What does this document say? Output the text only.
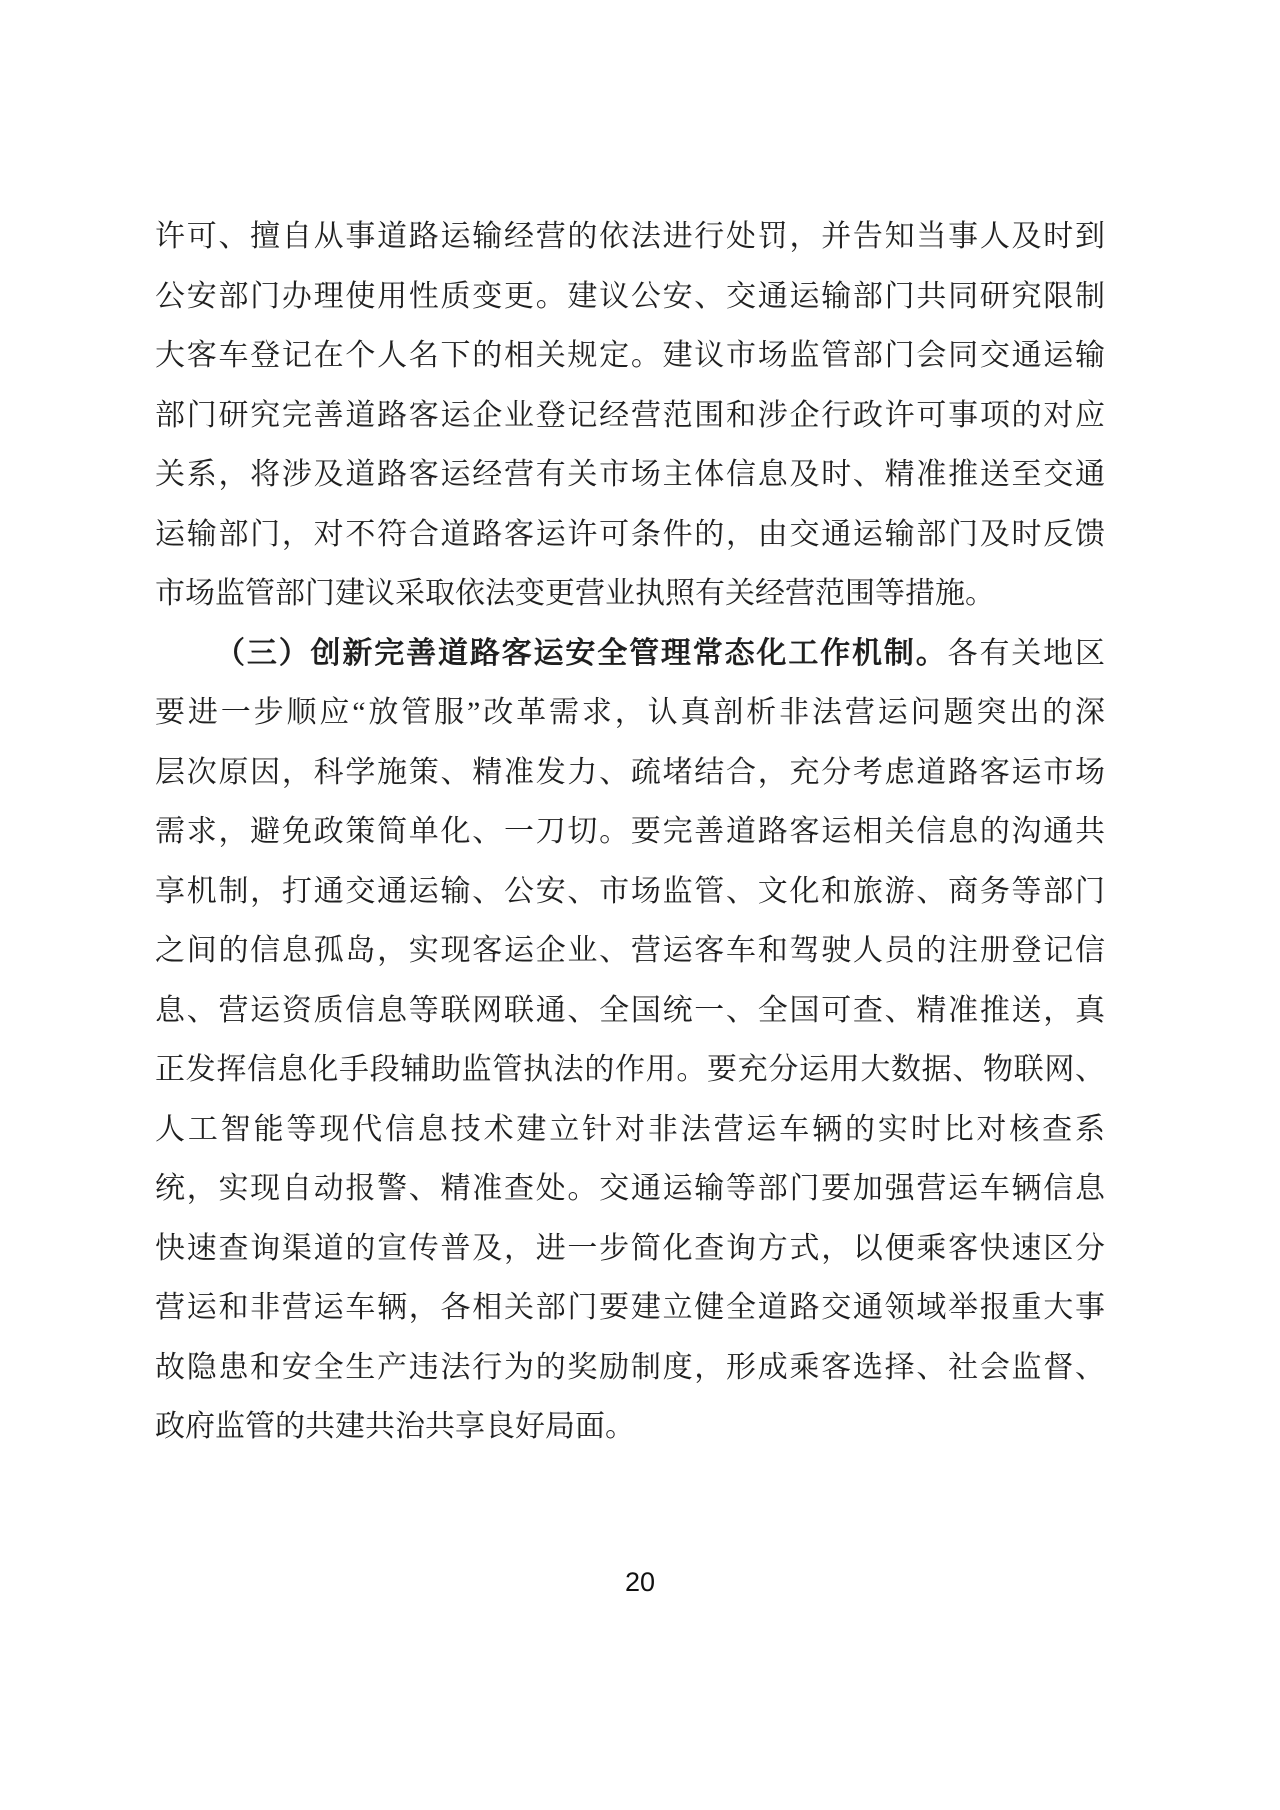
许可、擅自从事道路运输经营的依法进行处罚，并告知当事人及时到

公安部门办理使用性质变更。建议公安、交通运输部门共同研究限制

大客车登记在个人名下的相关规定。建议市场监管部门会同交通运输

部门研究完善道路客运企业登记经营范围和涉企行政许可事项的对应

关系，将涉及道路客运经营有关市场主体信息及时、精准推送至交通

运输部门，对不符合道路客运许可条件的，由交通运输部门及时反馈

市场监管部门建议采取依法变更营业执照有关经营范围等措施。

（三）创新完善道路客运安全管理常态化工作机制。各有关地区

要进一步顺应“放管服”改革需求，认真剖析非法营运问题突出的深

层次原因，科学施策、精准发力、疏堵结合，充分考虑道路客运市场

需求，避免政策简单化、一刀切。要完善道路客运相关信息的沟通共

享机制，打通交通运输、公安、市场监管、文化和旅游、商务等部门

之间的信息孤岛，实现客运企业、营运客车和驾驶人员的注册登记信

息、营运资质信息等联网联通、全国统一、全国可查、精准推送，真

正发挥信息化手段辅助监管执法的作用。要充分运用大数据、物联网、

人工智能等现代信息技术建立针对非法营运车辆的实时比对核查系

统，实现自动报警、精准查处。交通运输等部门要加强营运车辆信息

快速查询渠道的宣传普及，进一步简化查询方式，以便乘客快速区分

营运和非营运车辆，各相关部门要建立健全道路交通领域举报重大事

故隐患和安全生产违法行为的奖励制度，形成乘客选择、社会监督、

政府监管的共建共治共享良好局面。

20
